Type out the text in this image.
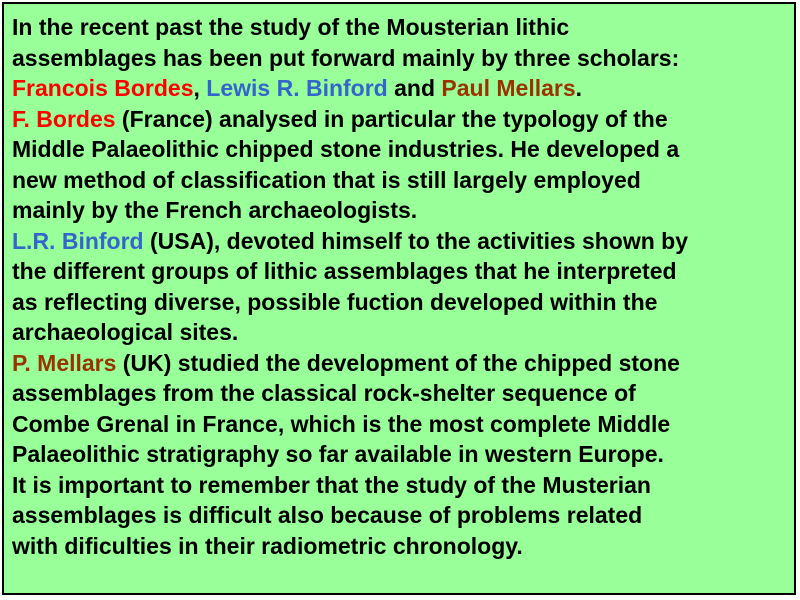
In the recent past the study of the Mousterian lithic
assemblages has been put forward mainly by three scholars:
Francois Bordes, Lewis R. Binford and Paul Mellars.
F. Bordes (France) analysed in particular the typology of the
Middle Palaeolithic chipped stone industries. He developed a
new method of classification that is still largely employed
mainly by the French archaeologists.
L.R. Binford (USA), devoted himself to the activities shown by
the different groups of lithic assemblages that he interpreted
as reflecting diverse, possible fuction developed within the
archaeological sites.
P. Mellars (UK) studied the development of the chipped stone
assemblages from the classical rock-shelter sequence of
Combe Grenal in France, which is the most complete Middle
Palaeolithic stratigraphy so far available in western Europe.
It is important to remember that the study of the Musterian
assemblages is difficult also because of problems related
with dificulties in their radiometric chronology.
